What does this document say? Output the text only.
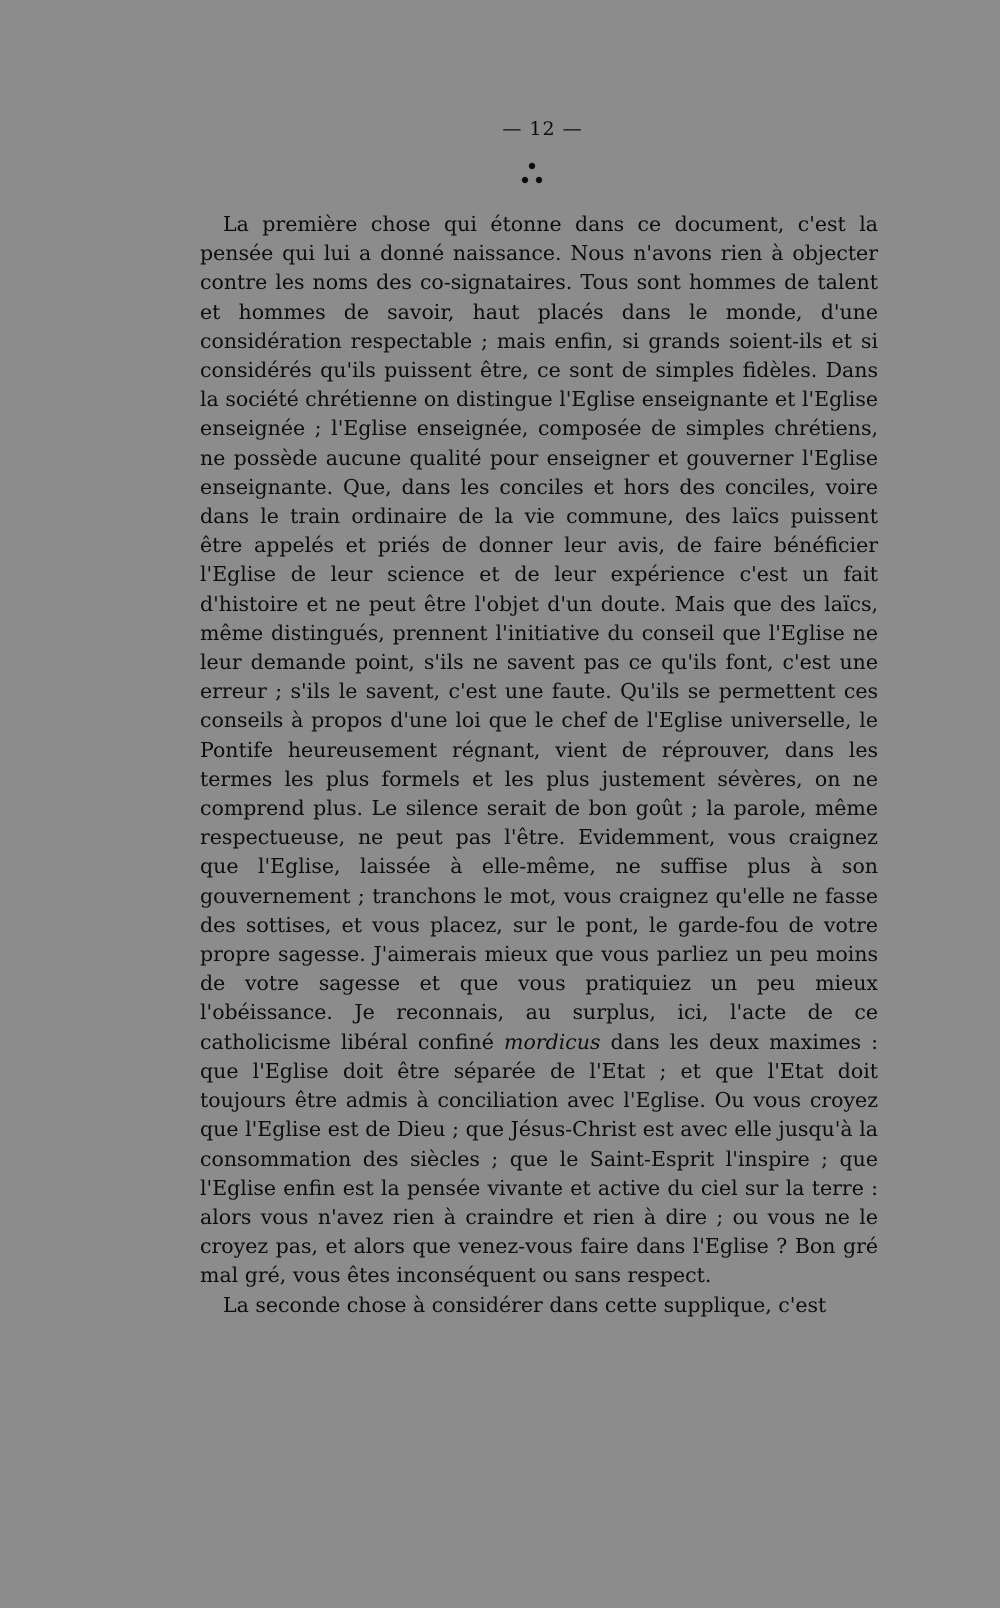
— 12 —

La première chose qui étonne dans ce document, c'est la pensée qui lui a donné naissance. Nous n'avons rien à objecter contre les noms des co-signataires. Tous sont hommes de talent et hommes de savoir, haut placés dans le monde, d'une considération respectable ; mais enfin, si grands soient-ils et si considérés qu'ils puissent être, ce sont de simples fidèles. Dans la société chrétienne on distingue l'Eglise enseignante et l'Eglise enseignée ; l'Eglise enseignée, composée de simples chrétiens, ne possède aucune qualité pour enseigner et gouverner l'Eglise enseignante. Que, dans les conciles et hors des conciles, voire dans le train ordinaire de la vie commune, des laïcs puissent être appelés et priés de donner leur avis, de faire bénéficier l'Eglise de leur science et de leur expérience c'est un fait d'histoire et ne peut être l'objet d'un doute. Mais que des laïcs, même distingués, prennent l'initiative du conseil que l'Eglise ne leur demande point, s'ils ne savent pas ce qu'ils font, c'est une erreur ; s'ils le savent, c'est une faute. Qu'ils se permettent ces conseils à propos d'une loi que le chef de l'Eglise universelle, le Pontife heureusement régnant, vient de réprouver, dans les termes les plus formels et les plus justement sévères, on ne comprend plus. Le silence serait de bon goût ; la parole, même respectueuse, ne peut pas l'être. Evidemment, vous craignez que l'Eglise, laissée à elle-même, ne suffise plus à son gouvernement ; tranchons le mot, vous craignez qu'elle ne fasse des sottises, et vous placez, sur le pont, le garde-fou de votre propre sagesse. J'aimerais mieux que vous parliez un peu moins de votre sagesse et que vous pratiquiez un peu mieux l'obéissance. Je reconnais, au surplus, ici, l'acte de ce catholicisme libéral confiné mordicus dans les deux maximes : que l'Eglise doit être séparée de l'Etat ; et que l'Etat doit toujours être admis à conciliation avec l'Eglise. Ou vous croyez que l'Eglise est de Dieu ; que Jésus-Christ est avec elle jusqu'à la consommation des siècles ; que le Saint-Esprit l'inspire ; que l'Eglise enfin est la pensée vivante et active du ciel sur la terre : alors vous n'avez rien à craindre et rien à dire ; ou vous ne le croyez pas, et alors que venez-vous faire dans l'Eglise ? Bon gré mal gré, vous êtes inconséquent ou sans respect.

La seconde chose à considérer dans cette supplique, c'est
